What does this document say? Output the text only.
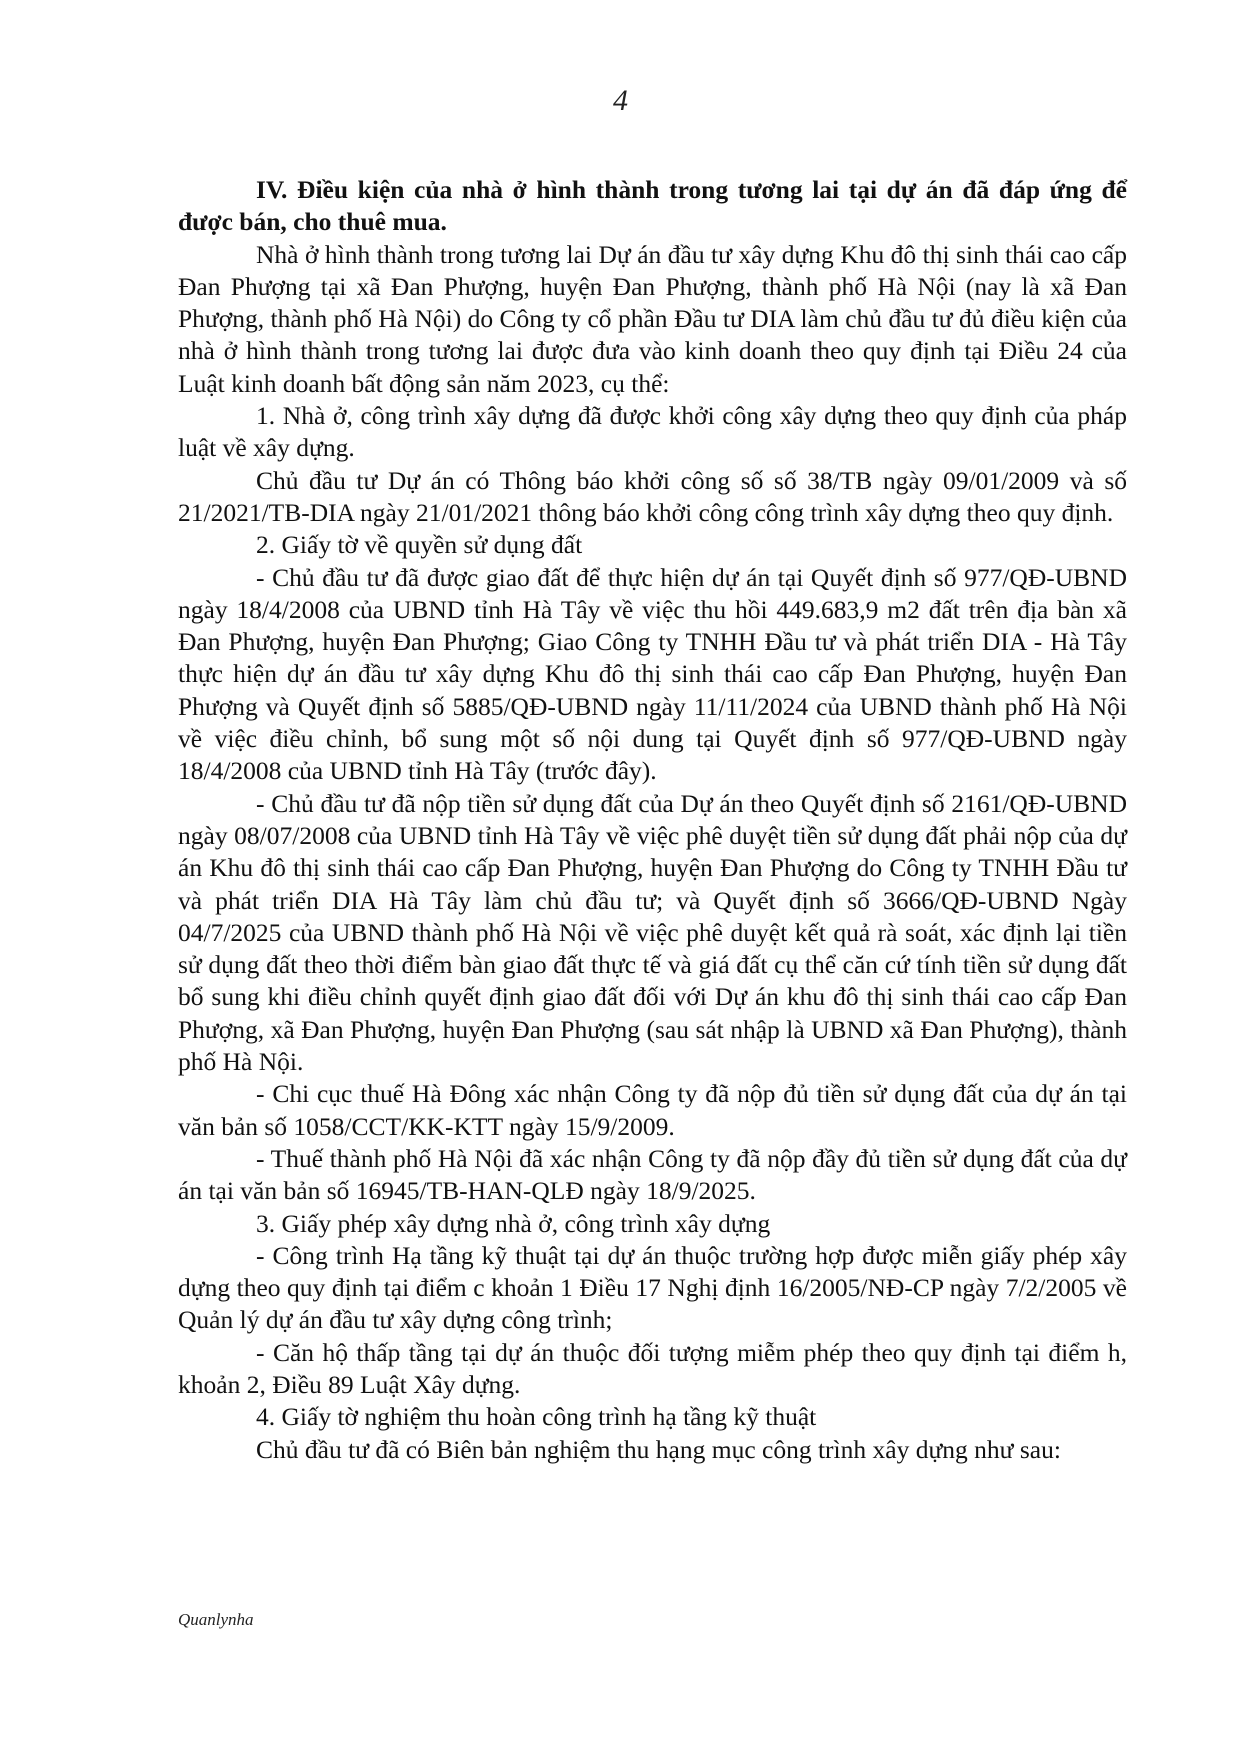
4

IV. Điều kiện của nhà ở hình thành trong tương lai tại dự án đã đáp ứng để được bán, cho thuê mua.

Nhà ở hình thành trong tương lai Dự án đầu tư xây dựng Khu đô thị sinh thái cao cấp Đan Phượng tại xã Đan Phượng, huyện Đan Phượng, thành phố Hà Nội (nay là xã Đan Phượng, thành phố Hà Nội) do Công ty cổ phần Đầu tư DIA làm chủ đầu tư đủ điều kiện của nhà ở hình thành trong tương lai được đưa vào kinh doanh theo quy định tại Điều 24 của Luật kinh doanh bất động sản năm 2023, cụ thể:

1. Nhà ở, công trình xây dựng đã được khởi công xây dựng theo quy định của pháp luật về xây dựng.

Chủ đầu tư Dự án có Thông báo khởi công số số 38/TB ngày 09/01/2009 và số 21/2021/TB-DIA ngày 21/01/2021 thông báo khởi công công trình xây dựng theo quy định.

2. Giấy tờ về quyền sử dụng đất

- Chủ đầu tư đã được giao đất để thực hiện dự án tại Quyết định số 977/QĐ-UBND ngày 18/4/2008 của UBND tỉnh Hà Tây về việc thu hồi 449.683,9 m2 đất trên địa bàn xã Đan Phượng, huyện Đan Phượng; Giao Công ty TNHH Đầu tư và phát triển DIA - Hà Tây thực hiện dự án đầu tư xây dựng Khu đô thị sinh thái cao cấp Đan Phượng, huyện Đan Phượng và Quyết định số 5885/QĐ-UBND ngày 11/11/2024 của UBND thành phố Hà Nội về việc điều chỉnh, bổ sung một số nội dung tại Quyết định số 977/QĐ-UBND ngày 18/4/2008 của UBND tỉnh Hà Tây (trước đây).

- Chủ đầu tư đã nộp tiền sử dụng đất của Dự án theo Quyết định số 2161/QĐ-UBND ngày 08/07/2008 của UBND tỉnh Hà Tây về việc phê duyệt tiền sử dụng đất phải nộp của dự án Khu đô thị sinh thái cao cấp Đan Phượng, huyện Đan Phượng do Công ty TNHH Đầu tư và phát triển DIA Hà Tây làm chủ đầu tư; và Quyết định số 3666/QĐ-UBND Ngày 04/7/2025 của UBND thành phố Hà Nội về việc phê duyệt kết quả rà soát, xác định lại tiền sử dụng đất theo thời điểm bàn giao đất thực tế và giá đất cụ thể căn cứ tính tiền sử dụng đất bổ sung khi điều chỉnh quyết định giao đất đối với Dự án khu đô thị sinh thái cao cấp Đan Phượng, xã Đan Phượng, huyện Đan Phượng (sau sát nhập là UBND xã Đan Phượng), thành phố Hà Nội.

- Chi cục thuế Hà Đông xác nhận Công ty đã nộp đủ tiền sử dụng đất của dự án tại văn bản số 1058/CCT/KK-KTT ngày 15/9/2009.

- Thuế thành phố Hà Nội đã xác nhận Công ty đã nộp đầy đủ tiền sử dụng đất của dự án tại văn bản số 16945/TB-HAN-QLĐ ngày 18/9/2025.

3. Giấy phép xây dựng nhà ở, công trình xây dựng

- Công trình Hạ tầng kỹ thuật tại dự án thuộc trường hợp được miễn giấy phép xây dựng theo quy định tại điểm c khoản 1 Điều 17 Nghị định 16/2005/NĐ-CP ngày 7/2/2005 về Quản lý dự án đầu tư xây dựng công trình;

- Căn hộ thấp tầng tại dự án thuộc đối tượng miễm phép theo quy định tại điểm h, khoản 2, Điều 89 Luật Xây dựng.

4. Giấy tờ nghiệm thu hoàn công trình hạ tầng kỹ thuật

Chủ đầu tư đã có Biên bản nghiệm thu hạng mục công trình xây dựng như sau:

Quanlynha
